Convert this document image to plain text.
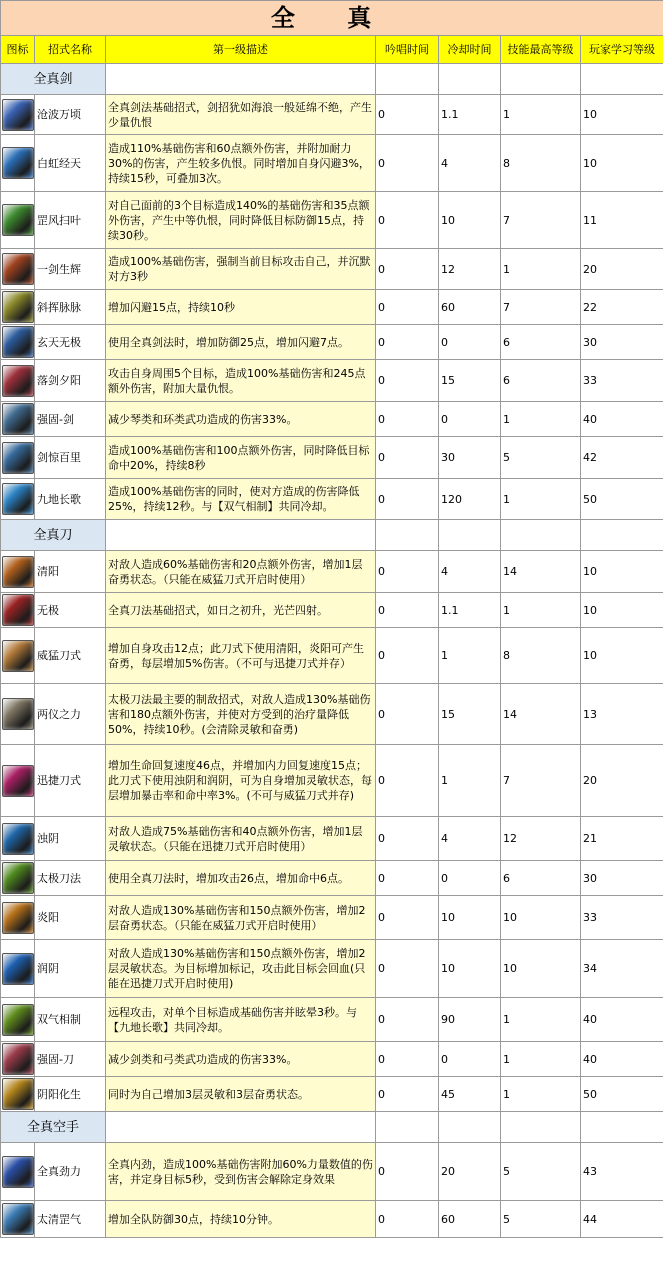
全 真						
图标	招式名称	第一级描述	吟唱时间	冷却时间	技能最高等级	玩家学习等级
全真剑						

	沧波万顷	全真剑法基础招式，剑招犹如海浪一般延绵不绝，产生少量仇恨	0	1.1	1	10

	白虹经天	造成110%基础伤害和60点额外伤害，并附加耐力30%的伤害，产生较多仇恨。同时增加自身闪避3%，持续15秒，可叠加3次。	0	4	8	10

	罡风扫叶	对自己面前的3个目标造成140%的基础伤害和35点额外伤害，产生中等仇恨，同时降低目标防御15点，持续30秒。	0	10	7	11

	一剑生辉	造成100%基础伤害，强制当前目标攻击自己，并沉默对方3秒	0	12	1	20

	斜挥脉脉	增加闪避15点，持续10秒	0	60	7	22

	玄天无极	使用全真剑法时，增加防御25点，增加闪避7点。	0	0	6	30

	落剑夕阳	攻击自身周围5个目标，造成100%基础伤害和245点额外伤害，附加大量仇恨。	0	15	6	33

	强固-剑	减少琴类和环类武功造成的伤害33%。	0	0	1	40

	剑惊百里	造成100%基础伤害和100点额外伤害，同时降低目标命中20%，持续8秒	0	30	5	42

	九地长歌	造成100%基础伤害的同时，使对方造成的伤害降低25%，持续12秒。与【双气相制】共同冷却。	0	120	1	50
全真刀						

	清阳	对敌人造成60%基础伤害和20点额外伤害，增加1层奋勇状态。（只能在威猛刀式开启时使用）	0	4	14	10

	无极	全真刀法基础招式，如日之初升，光芒四射。	0	1.1	1	10

	威猛刀式	增加自身攻击12点；此刀式下使用清阳，炎阳可产生奋勇，每层增加5%伤害。（不可与迅捷刀式并存）	0	1	8	10

	两仪之力	太极刀法最主要的制敌招式，对敌人造成130%基础伤害和180点额外伤害，并使对方受到的治疗量降低50%，持续10秒。(会清除灵敏和奋勇)	0	15	14	13

	迅捷刀式	增加生命回复速度46点，并增加内力回复速度15点；此刀式下使用浊阴和润阴，可为自身增加灵敏状态，每层增加暴击率和命中率3%。(不可与威猛刀式并存)	0	1	7	20

	浊阴	对敌人造成75%基础伤害和40点额外伤害，增加1层灵敏状态。（只能在迅捷刀式开启时使用）	0	4	12	21

	太极刀法	使用全真刀法时，增加攻击26点，增加命中6点。	0	0	6	30

	炎阳	对敌人造成130%基础伤害和150点额外伤害，增加2层奋勇状态。（只能在威猛刀式开启时使用）	0	10	10	33

	润阴	对敌人造成130%基础伤害和150点额外伤害，增加2层灵敏状态。为目标增加标记，攻击此目标会回血(只能在迅捷刀式开启时使用)	0	10	10	34

	双气相制	远程攻击，对单个目标造成基础伤害并眩晕3秒。与【九地长歌】共同冷却。	0	90	1	40

	强固-刀	减少剑类和弓类武功造成的伤害33%。	0	0	1	40

	阴阳化生	同时为自己增加3层灵敏和3层奋勇状态。	0	45	1	50
全真空手						

	全真劲力	全真内劲，造成100%基础伤害附加60%力量数值的伤害，并定身目标5秒，受到伤害会解除定身效果	0	20	5	43

	太清罡气	增加全队防御30点，持续10分钟。	0	60	5	44
